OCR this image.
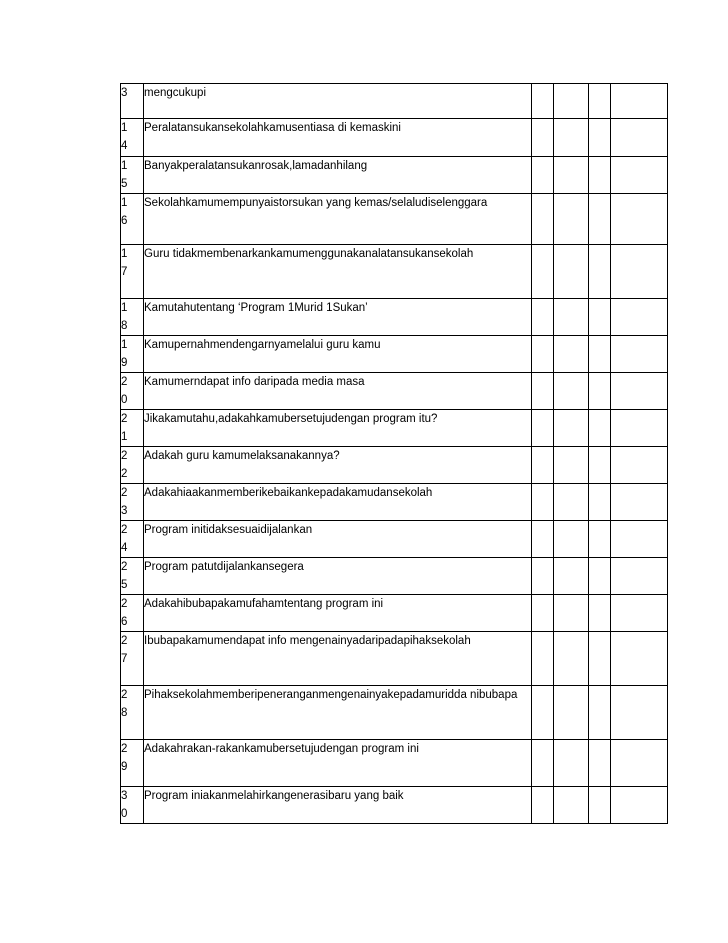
3	mengcukupi				

1
4	Peralatansukansekolahkamusentiasa di kemaskini				

1
5	Banyakperalatansukanrosak,lamadanhilang				

1
6	Sekolahkamumempunyaistorsukan yang kemas/selaludiselenggara				

1
7	Guru tidakmembenarkankamumenggunakanalatansukansekolah				

1
8	Kamutahutentang ‘Program 1Murid 1Sukan’				

1
9	Kamupernahmendengarnyamelalui guru kamu				

2
0	Kamumerndapat info daripada media masa				

2
1	Jikakamutahu,adakahkamubersetujudengan program itu?				

2
2	Adakah guru kamumelaksanakannya?				

2
3	Adakahiaakanmemberikebaikankepadakamudansekolah				

2
4	Program initidaksesuaidijalankan				

2
5	Program patutdijalankansegera				

2
6	Adakahibubapakamufahamtentang program ini				

2
7	Ibubapakamumendapat info mengenainyadaripadapihaksekolah				

2
8	Pihaksekolahmemberipeneranganmengenainyakepadamuridda nibubapa				

2
9	Adakahrakan-rakankamubersetujudengan program ini				

3
0	Program iniakanmelahirkangenerasibaru yang baik				
